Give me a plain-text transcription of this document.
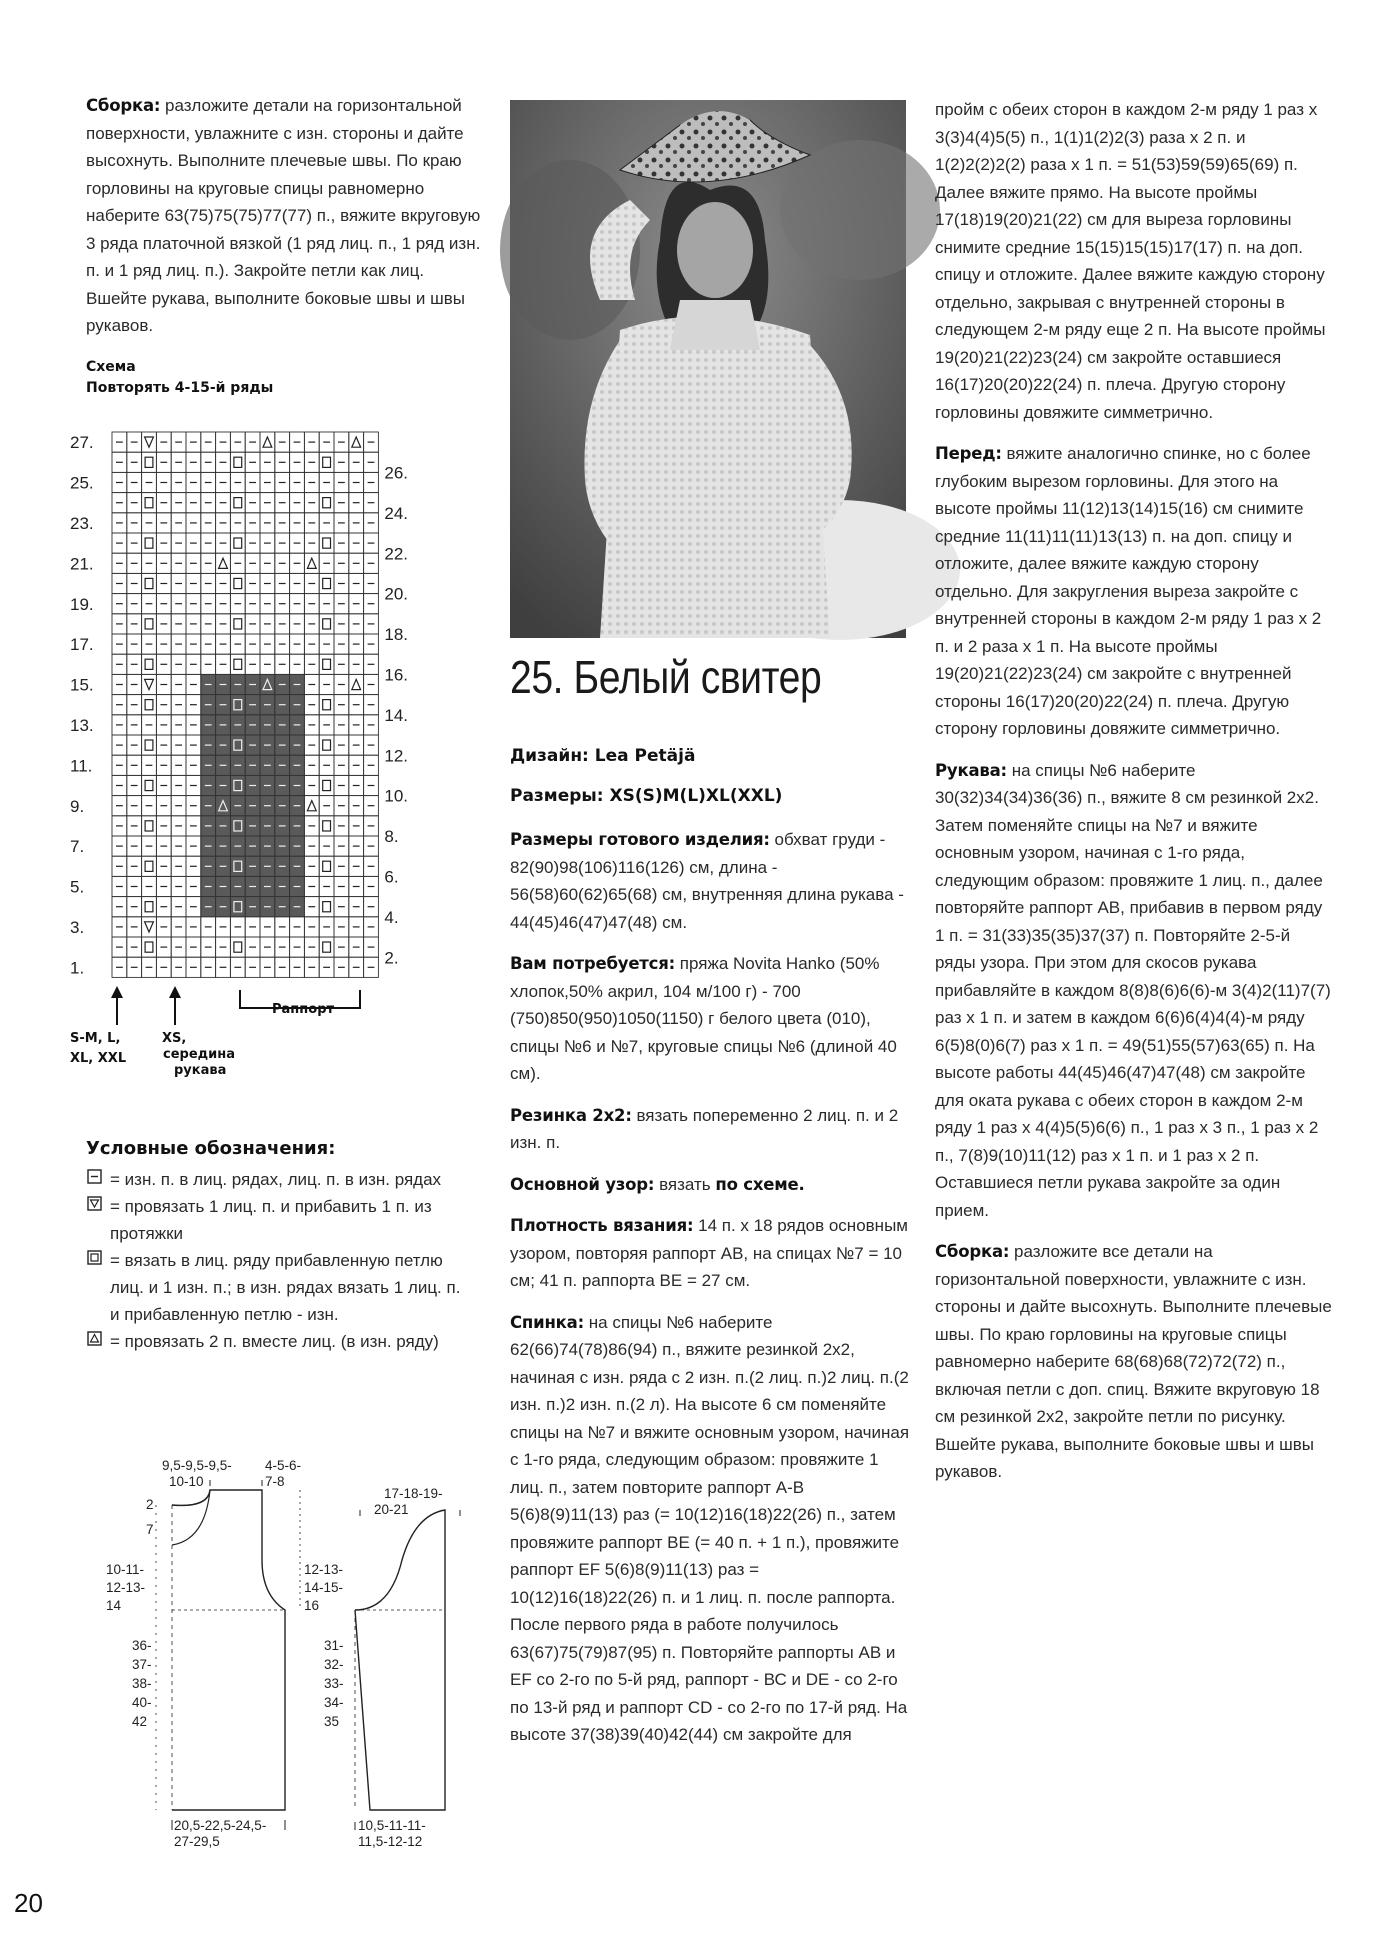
Сборка: разложите детали на горизонтальной поверхности, увлажните с изн. стороны и дайте высохнуть. Выполните плечевые швы. По краю горловины на круговые спицы равномерно наберите 63(75)75(75)77(77) п., вяжите вкруговую 3 ряда платочной вязкой (1 ряд лиц. п., 1 ряд изн. п. и 1 ряд лиц. п.). Закройте петли как лиц. Вшейте рукава, выполните боковые швы и швы рукавов.

Схема
Повторять 4-15-й ряды
27.
25.
23.
21.
19.
17.
15.
13.
11.
9.
7.
5.
3.
1.
26.
24.
22.
20.
18.
16.
14.
12.
10.
8.
6.
4.
2.
Раппорт
S-M, L,
XL, XXL
XS,
середина
рукава
Условные обозначения:
= изн. п. в лиц. рядах, лиц. п. в изн. рядах
= провязать 1 лиц. п. и прибавить 1 п. из протяжки
= вязать в лиц. ряду прибавленную петлю лиц. и 1 изн. п.; в изн. рядах вязать 1 лиц. п. и прибавленную петлю - изн.
= провязать 2 п. вместе лиц. (в изн. ряду)
9,5-9,5-9,5-
10-10
4-5-6-
7-8
2
7
10-11-
12-13-
14
12-13-
14-15-
16
36-
37-
38-
40-
42
20,5-22,5-24,5-
27-29,5
17-18-19-
20-21
31-
32-
33-
34-
35
10,5-11-11-
11,5-12-12
25. Белый свитер
Дизайн: Lea Petäjä
Размеры: XS(S)M(L)XL(XXL)

Размеры готового изделия: обхват груди - 82(90)98(106)116(126) см, длина - 56(58)60(62)65(68) см, внутренняя длина рукава - 44(45)46(47)47(48) см.

Вам потребуется: пряжа Novita Hanko (50% хлопок,50% акрил, 104 м/100 г) - 700 (750)850(950)1050(1150) г белого цвета (010), спицы №6 и №7, круговые спицы №6 (длиной 40 см).

Резинка 2х2: вязать попеременно 2 лиц. п. и 2 изн. п.

Основной узор: вязать по схеме.

Плотность вязания: 14 п. х 18 рядов основным узором, повторяя раппорт АВ, на спицах №7 = 10 см; 41 п. раппорта ВЕ = 27 см.

Спинка: на спицы №6 наберите 62(66)74(78)86(94) п., вяжите резинкой 2х2, начиная с изн. ряда с 2 изн. п.(2 лиц. п.)2 лиц. п.(2 изн. п.)2 изн. п.(2 л). На высоте 6 см поменяйте спицы на №7 и вяжите основным узором, начиная с 1-го ряда, следующим образом: провяжите 1 лиц. п., затем повторите раппорт А-В 5(6)8(9)11(13) раз (= 10(12)16(18)22(26) п., затем провяжите раппорт ВЕ (= 40 п. + 1 п.), провяжите раппорт EF 5(6)8(9)11(13) раз = 10(12)16(18)22(26) п. и 1 лиц. п. после раппорта. После первого ряда в работе получилось 63(67)75(79)87(95) п. Повторяйте раппорты АВ и EF со 2-го по 5-й ряд, раппорт - ВС и DE - со 2-го по 13-й ряд и раппорт CD - со 2-го по 17-й ряд. На высоте 37(38)39(40)42(44) см закройте для

пройм с обеих сторон в каждом 2-м ряду 1 раз х 3(3)4(4)5(5) п., 1(1)1(2)2(3) раза х 2 п. и 1(2)2(2)2(2) раза х 1 п. = 51(53)59(59)65(69) п. Далее вяжите прямо. На высоте проймы 17(18)19(20)21(22) см для выреза горловины снимите средние 15(15)15(15)17(17) п. на доп. спицу и отложите. Далее вяжите каждую сторону отдельно, закрывая с внутренней стороны в следующем 2-м ряду еще 2 п. На высоте проймы 19(20)21(22)23(24) см закройте оставшиеся 16(17)20(20)22(24) п. плеча. Другую сторону горловины довяжите симметрично.

Перед: вяжите аналогично спинке, но с более глубоким вырезом горловины. Для этого на высоте проймы 11(12)13(14)15(16) см снимите средние 11(11)11(11)13(13) п. на доп. спицу и отложите, далее вяжите каждую сторону отдельно. Для закругления выреза закройте с внутренней стороны в каждом 2-м ряду 1 раз х 2 п. и 2 раза х 1 п. На высоте проймы 19(20)21(22)23(24) см закройте с внутренней стороны 16(17)20(20)22(24) п. плеча. Другую сторону горловины довяжите симметрично.

Рукава: на спицы №6 наберите 30(32)34(34)36(36) п., вяжите 8 см резинкой 2х2. Затем поменяйте спицы на №7 и вяжите основным узором, начиная с 1-го ряда, следующим образом: провяжите 1 лиц. п., далее повторяйте раппорт АВ, прибавив в первом ряду 1 п. = 31(33)35(35)37(37) п. Повторяйте 2-5-й ряды узора. При этом для скосов рукава прибавляйте в каждом 8(8)8(6)6(6)-м 3(4)2(11)7(7) раз х 1 п. и затем в каждом 6(6)6(4)4(4)-м ряду 6(5)8(0)6(7) раз х 1 п. = 49(51)55(57)63(65) п. На высоте работы 44(45)46(47)47(48) см закройте для оката рукава с обеих сторон в каждом 2-м ряду 1 раз х 4(4)5(5)6(6) п., 1 раз х 3 п., 1 раз х 2 п., 7(8)9(10)11(12) раз х 1 п. и 1 раз х 2 п. Оставшиеся петли рукава закройте за один прием.

Сборка: разложите все детали на горизонтальной поверхности, увлажните с изн. стороны и дайте высохнуть. Выполните плечевые швы. По краю горловины на круговые спицы равномерно наберите 68(68)68(72)72(72) п., включая петли с доп. спиц. Вяжите вкруговую 18 см резинкой 2х2, закройте петли по рисунку. Вшейте рукава, выполните боковые швы и швы рукавов.

20
